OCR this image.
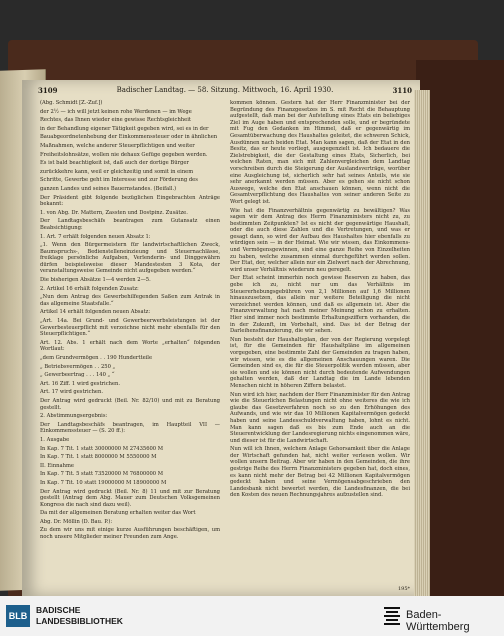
3109	Badischer Landtag. — 58. Sitzung. Mittwoch, 16. April 1930.	3110

(Abg. Schmidt [Z.-Zuf.])

der 2½ — ich will jetzt keinen rohe Werdenen — im Wege

Rechtes, das Ihnen wieder eine gewisse Rechtsgleichheit

in der Behandlung eigener Tätigkeit gegeben wird, sei es in der

Bauabgeordnetenhebung der Einkommenssteuer oder in ähnlichen

Maßnahmen, welche anderer Steuerpflichtigen und weiter

Freiheitslohnsätze, wollen nie dehaux Gefüge gegeben werden.

Es ist bald beachtigkeit ist, daß auch der dortige Bürger

zurückkehre kann, weil er gleichzeitig und somit in einem

Schritte, Gewerbe geht im Interesse und zur Förderung des

ganzen Landes und seines Bauernstandes. (Beifall.)

Der Präsident gibt folgende bezüglichen Eingebrachten Anträge bekannt:

1. von Abg. Dr. Mattern, Zassten und Dostpinz. Zusätze.

Der Landtagsbeschäfs beantragen zum Gutansatz einen Beabsichtigung:

1. Art. 7 erhält folgenden neuen Absatz 1:

„1. Wenn den Bürgermeistern für landwirtschaftlichen Zweck, Baumspruchs-, Bedienstelleneinzieung und Steuernachlässe, freiklage persönliche Aufgaben, Verlenderin- und Dinggewährn dürfen beispielsweise dieser Mandestesten 3 Kota, der veranstaltungsweise Gemeinde nicht aufgegeben werden.“

Die bisherigen Absätze 1—4 werden 2—5.

2. Artikel 16 erhält folgenden Zusatz:

„Nun dem Antrag des Gewerbehilfegenden Saßen zum Antrak in das allgemeine Staatsfalle.“

Artikel 14 erhält folgenden neuen Absatz:

„Art. 14a. Bei Grund- und Gewerbeerwerbsleistungen ist der Gewerbesteuerpflicht mit verzeichne nicht mehr ebenfalls für den Steuerpflichtigen.“

Art. 12. Abs. 1 erhält nach dem Worte „erhalten“ folgenden Wortlaut:

„dem Grundvermögen . . 190 Hundertteile

„ Betriebsvermögen . . 250 „

„ Gewerbeertrag . . . 140 „ “

Art. 16 Ziff. 1 wird gestrichen.

Art. 17 wird gestrichen.

Der Antrag wird gedruckt (Beil. Nr. 82/10) und mit zu Beratung gestellt.

2. Abstimmungsergebnis:

Der Landtagsbeschäfs beantragen, im Hauptteil VII — Einkommenssteuer — (S. 20 ff.):

1. Ausgabe

In Kap. 7 Tit. 1 statt 30000000 M 27435600 M

In Kap. 7 Tit. 1 statt 8000000 M 5550000 M

II. Einnahme

In Kap. 7 Tit. 5 statt 73520000 M 76800000 M

In Kap. 7 Tit. 10 statt 19000000 M 18900000 M

Der Antrag wird gedruckt (Beil. Nr. 8) 11 und mit zur Beratung gestellt (Antrag dem Abg. Mauer zum Deutschen Volksgemeinen Kongress die nach sind dazu weil).

Da mit der allgemeinen Beratung erhalten weiter das Wort

Abg. Dr. Möllin (D. Bau. P.):

Zu dem wir uns mit einige kurze Ausführungen beschäftigen, um noch unsere Mitglieder meiner Freunden zum Ange.

kommen können. Gestern hat der Herr Finanzminister bei der Begründung des Finanzgesetzes im S. mit Recht die Behauptung aufgestellt, daß man bei der Aufstellung eines Etats ein beliebiges Ziel im Auge haben und entsprechenden solle, und er begründete mit Fug den Gedanken im Himmel, daß er gegenwärtig im Gesamtüberwachung des Haushaltes geleitet, die schweren Schick, Ausdünnen nach beiden Etat. Man kann sagen, daß der Etat in den Besitz, das er heute vorliegt, ausgegenzielt ist. Ich bedauere die Zielstrebigkeit, die der Gestaltung eines Etats, Sicherlich, bei welchen Raten, man sich mit Zahlenvergleichen dem Landtag vorschreiben durch die Steigerung der Auslandsverträge, worüber eine Ausgleichung ist, sicherlich sehr hat seines Anteils, wie sie sehr anerkannt werden müssen. Aber es gehen sie nicht schon Auswege, welche den Etat anschauen können, wenn nicht die Gesamtverpflichtung des Haushaltes von seiner anderen Seite zu Wort gelegt ist.

Wie hat die Finanzverhältnis gegenwärtig zu bewältigen? Was sagen wir dem Antrag des Herrn Finanzministers nicht zu, zu bestimmten Zeitpunkten? Ist es nicht der gegenwärtige Haushalt, oder die auch diese Zahlen und die Vertretungen, und was er gesagt dann, so wird der Aufbau des Haushaltes hier ebenfalls zu würdigen sein — in der Heimat. Wie wir wissen, das Einkommens- und Vermögensgewinnen, sind eine ganze Reihe von Einzelheiten zu haben, welche zusammen einmal durchgeführt werden sollen. Der Etat, der, welcher allein nur ein Zielwert nach der Abrechnung, wird unser Verhältnis wiederum neu geregelt.

Der Etat scheint immerhin noch gewisse Reserven zu haben, das gebe ich zu, nicht nur um das Verhältnis im Steuererhebungsgebühren von 2,1 Millionen auf 1,6 Millionen hinauszusetzen, das allein nur weitere Beteiligung die nicht verzeichnet werden können, und daß es allgemein ist. Aber die Finanzverwaltung hat nach meiner Meinung schon zu erhalten. Hier sind immer noch bestimmte Erhaltungsziffern vorhanden, die in der Zukunft, im Vorbehalt, sind. Das ist der Betrag der Darleihensfinanzierung, die wir sehen.

Nun besteht der Haushaltsplan, der von der Regierung vorgelegt ist, für die Gemeinden für Haushaltpläne im allgemeinen vorgegeben, eine bestimmte Zahl der Gemeinden zu tragen haben, wir wissen, wie es die allgemeinen Anschauungen waren. Die Gemeinden sind es, die für die Steuerpolitik werden müssen, aber sie wollen und sie können nicht durch bedeutende Aufwendungen gehalten werden, daß der Landtag die im Lande lebenden Menschen nicht in höheren Ziffern belastet.

Nun wird ich hier, nachdem der Herr Finanzminister für den Antrag wie die Steuerlichen Belastungen nicht ohne weiteres die wie ich glaube das Gesetzverfahren noch so zu den Erhöhungen des Aufwands, und wie wir das 10 Millionen Kapitalvermögen gedeckt haben und seine Landesschuldverwaltung haben, lohnt es nicht. Man kann sagen daß es bis zum Ende auch an die Steuerentwicklung der Landesregierung nichts eingenommen wäre, und dieser ist für die Landwirtschaft.

Nun will ich Ihnen, welchem Anlage Gehorsamkeit über die Anlage der Wirtschaft gefunden hat, nicht weiter verlesen wollen. Wir wollen unsern Beitrag. Aber wir haben in den Gemeinden, die ihre gestrige Reihe des Herrn Finanzministers gegeben hat, doch eines, es kann nicht mehr der Betrag bei 42 Millionen Kapitalvermögen gedeckt haben und seine Vermögensabgeschrieben den Landesbank nicht bewertet werden, die Landesfinanzen, die bei den Kosten des neuen Rechnungsjahres aufzustellen sind.

195*
BLB
BADISCHE
LANDESBIBLIOTHEK	Baden-Württemberg
